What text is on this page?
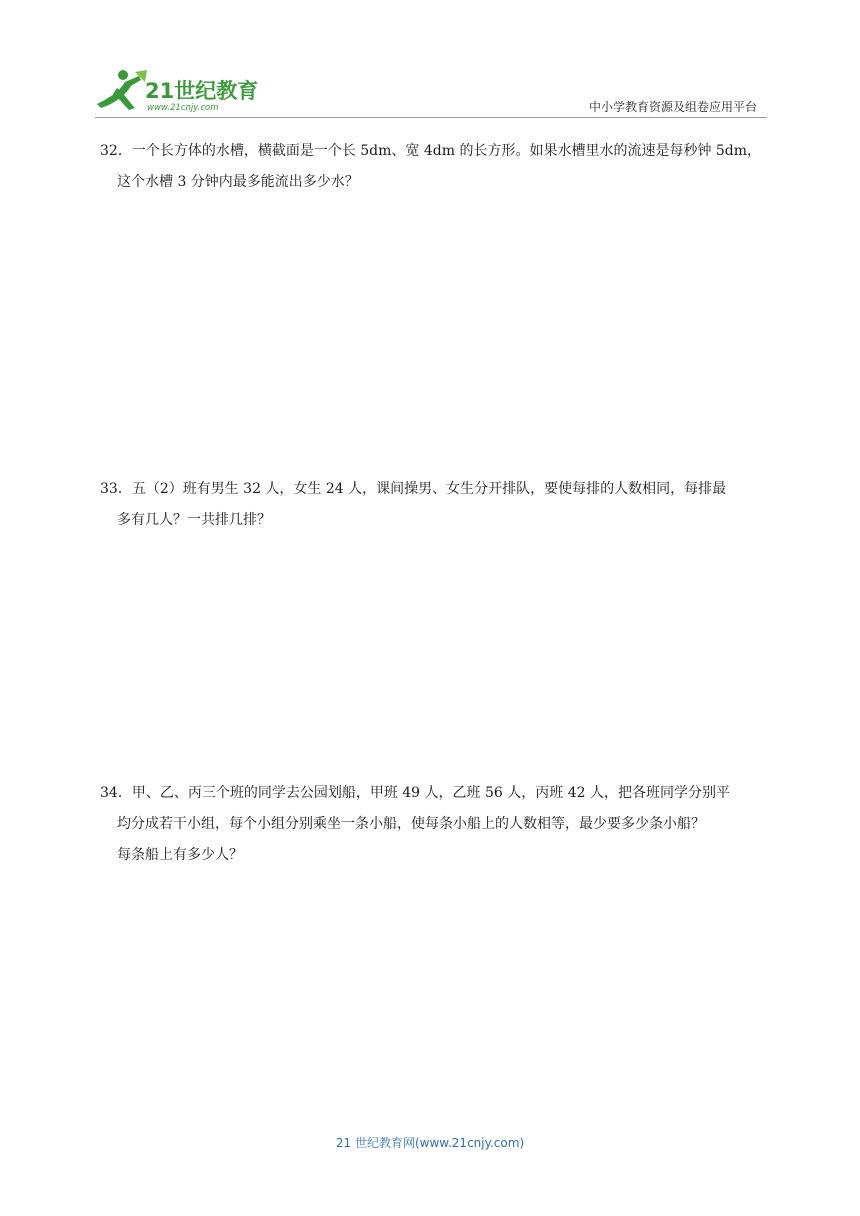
21世纪教育
www.21cnjy.com	中小学教育资源及组卷应用平台
32．一个长方体的水槽，横截面是一个长 5dm、宽 4dm 的长方形。如果水槽里水的流速是每秒钟 5dm，
这个水槽 3 分钟内最多能流出多少水？
33．五（2）班有男生 32 人，女生 24 人，课间操男、女生分开排队，要使每排的人数相同，每排最
多有几人？一共排几排？
34．甲、乙、丙三个班的同学去公园划船，甲班 49 人，乙班 56 人，丙班 42 人，把各班同学分别平
均分成若干小组，每个小组分别乘坐一条小船，使每条小船上的人数相等，最少要多少条小船？
每条船上有多少人？
21 世纪教育网(www.21cnjy.com)
